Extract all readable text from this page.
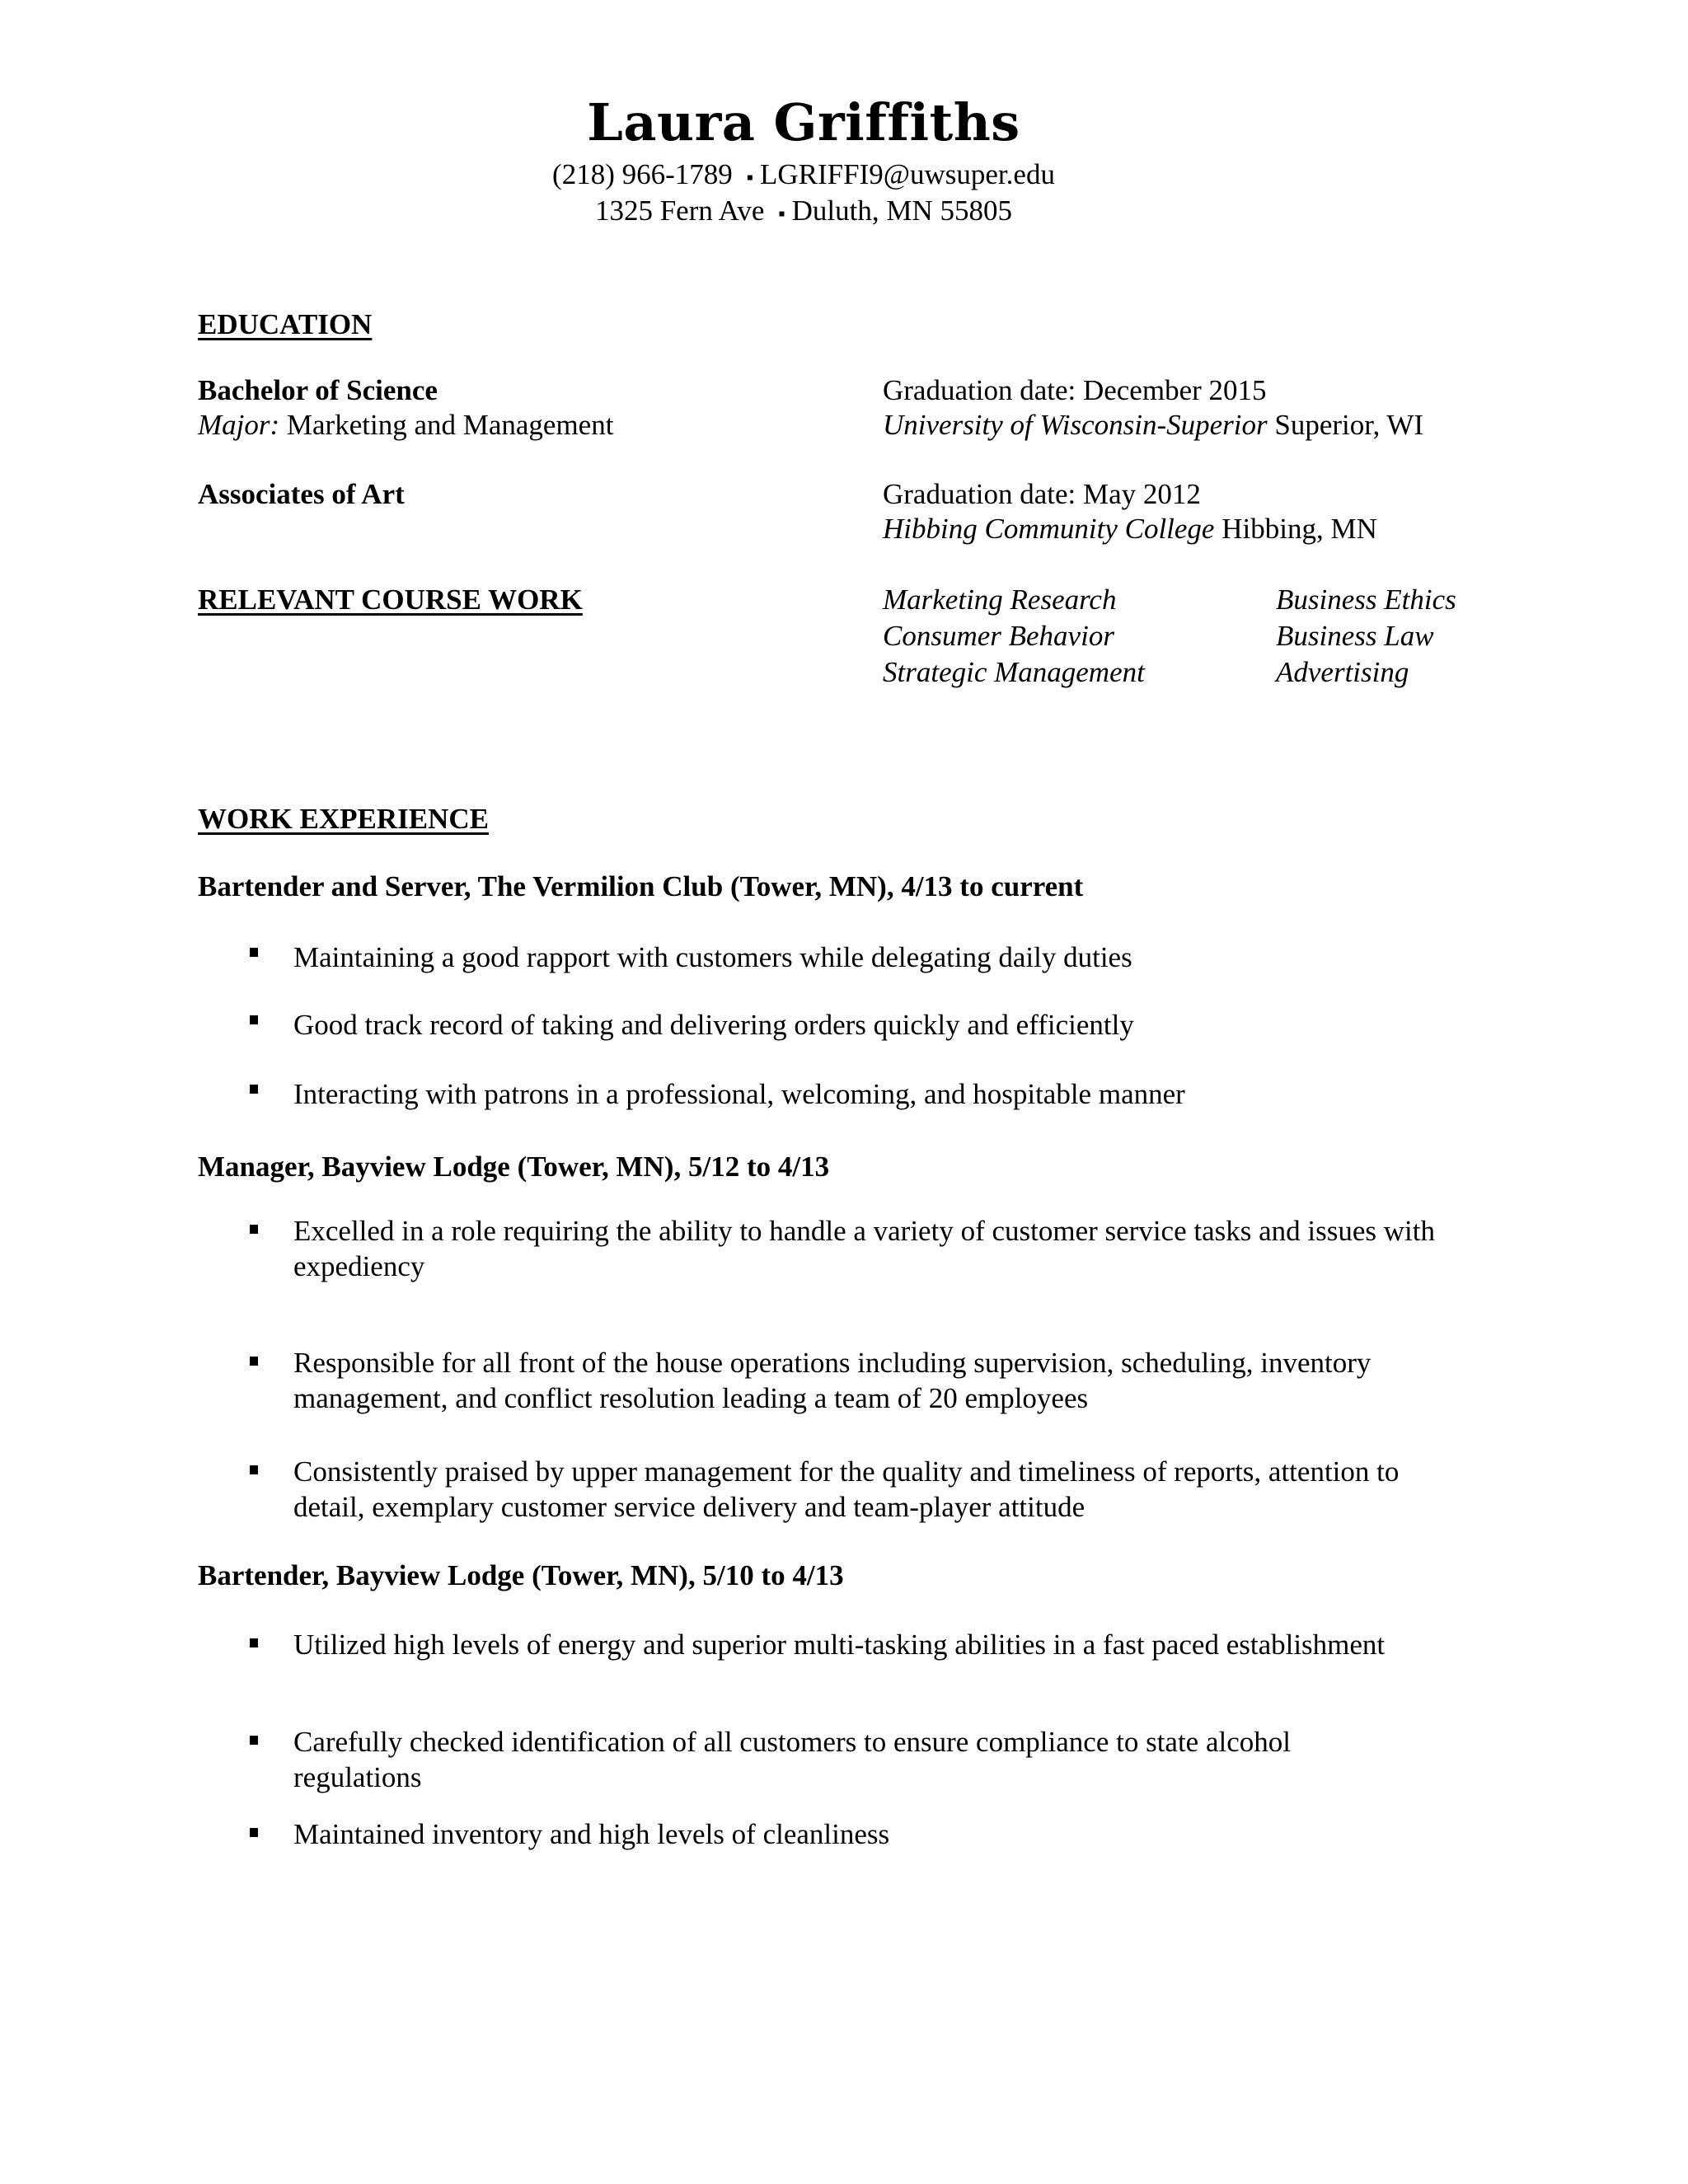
Laura Griffiths
(218) 966-1789 ▪ LGRIFFI9@uwsuper.edu
1325 Fern Ave ▪ Duluth, MN 55805
EDUCATION
Bachelor of Science
Major: Marketing and Management
Graduation date: December 2015
University of Wisconsin-Superior Superior, WI
Associates of Art	Graduation date: May 2012
Hibbing Community College Hibbing, MN
RELEVANT COURSE WORK	Marketing Research
Consumer Behavior
Strategic Management
Business Ethics
Business Law
Advertising
WORK EXPERIENCE
Bartender and Server, The Vermilion Club (Tower, MN), 4/13 to current
Maintaining a good rapport with customers while delegating daily duties
Good track record of taking and delivering orders quickly and efficiently
Interacting with patrons in a professional, welcoming, and hospitable manner
Manager, Bayview Lodge (Tower, MN), 5/12 to 4/13
Excelled in a role requiring the ability to handle a variety of customer service tasks and issues with expediency
Responsible for all front of the house operations including supervision, scheduling, inventory management, and conflict resolution leading a team of 20 employees
Consistently praised by upper management for the quality and timeliness of reports, attention to detail, exemplary customer service delivery and team-player attitude
Bartender, Bayview Lodge (Tower, MN), 5/10 to 4/13
Utilized high levels of energy and superior multi-tasking abilities in a fast paced establishment
Carefully checked identification of all customers to ensure compliance to state alcohol regulations
Maintained inventory and high levels of cleanliness
